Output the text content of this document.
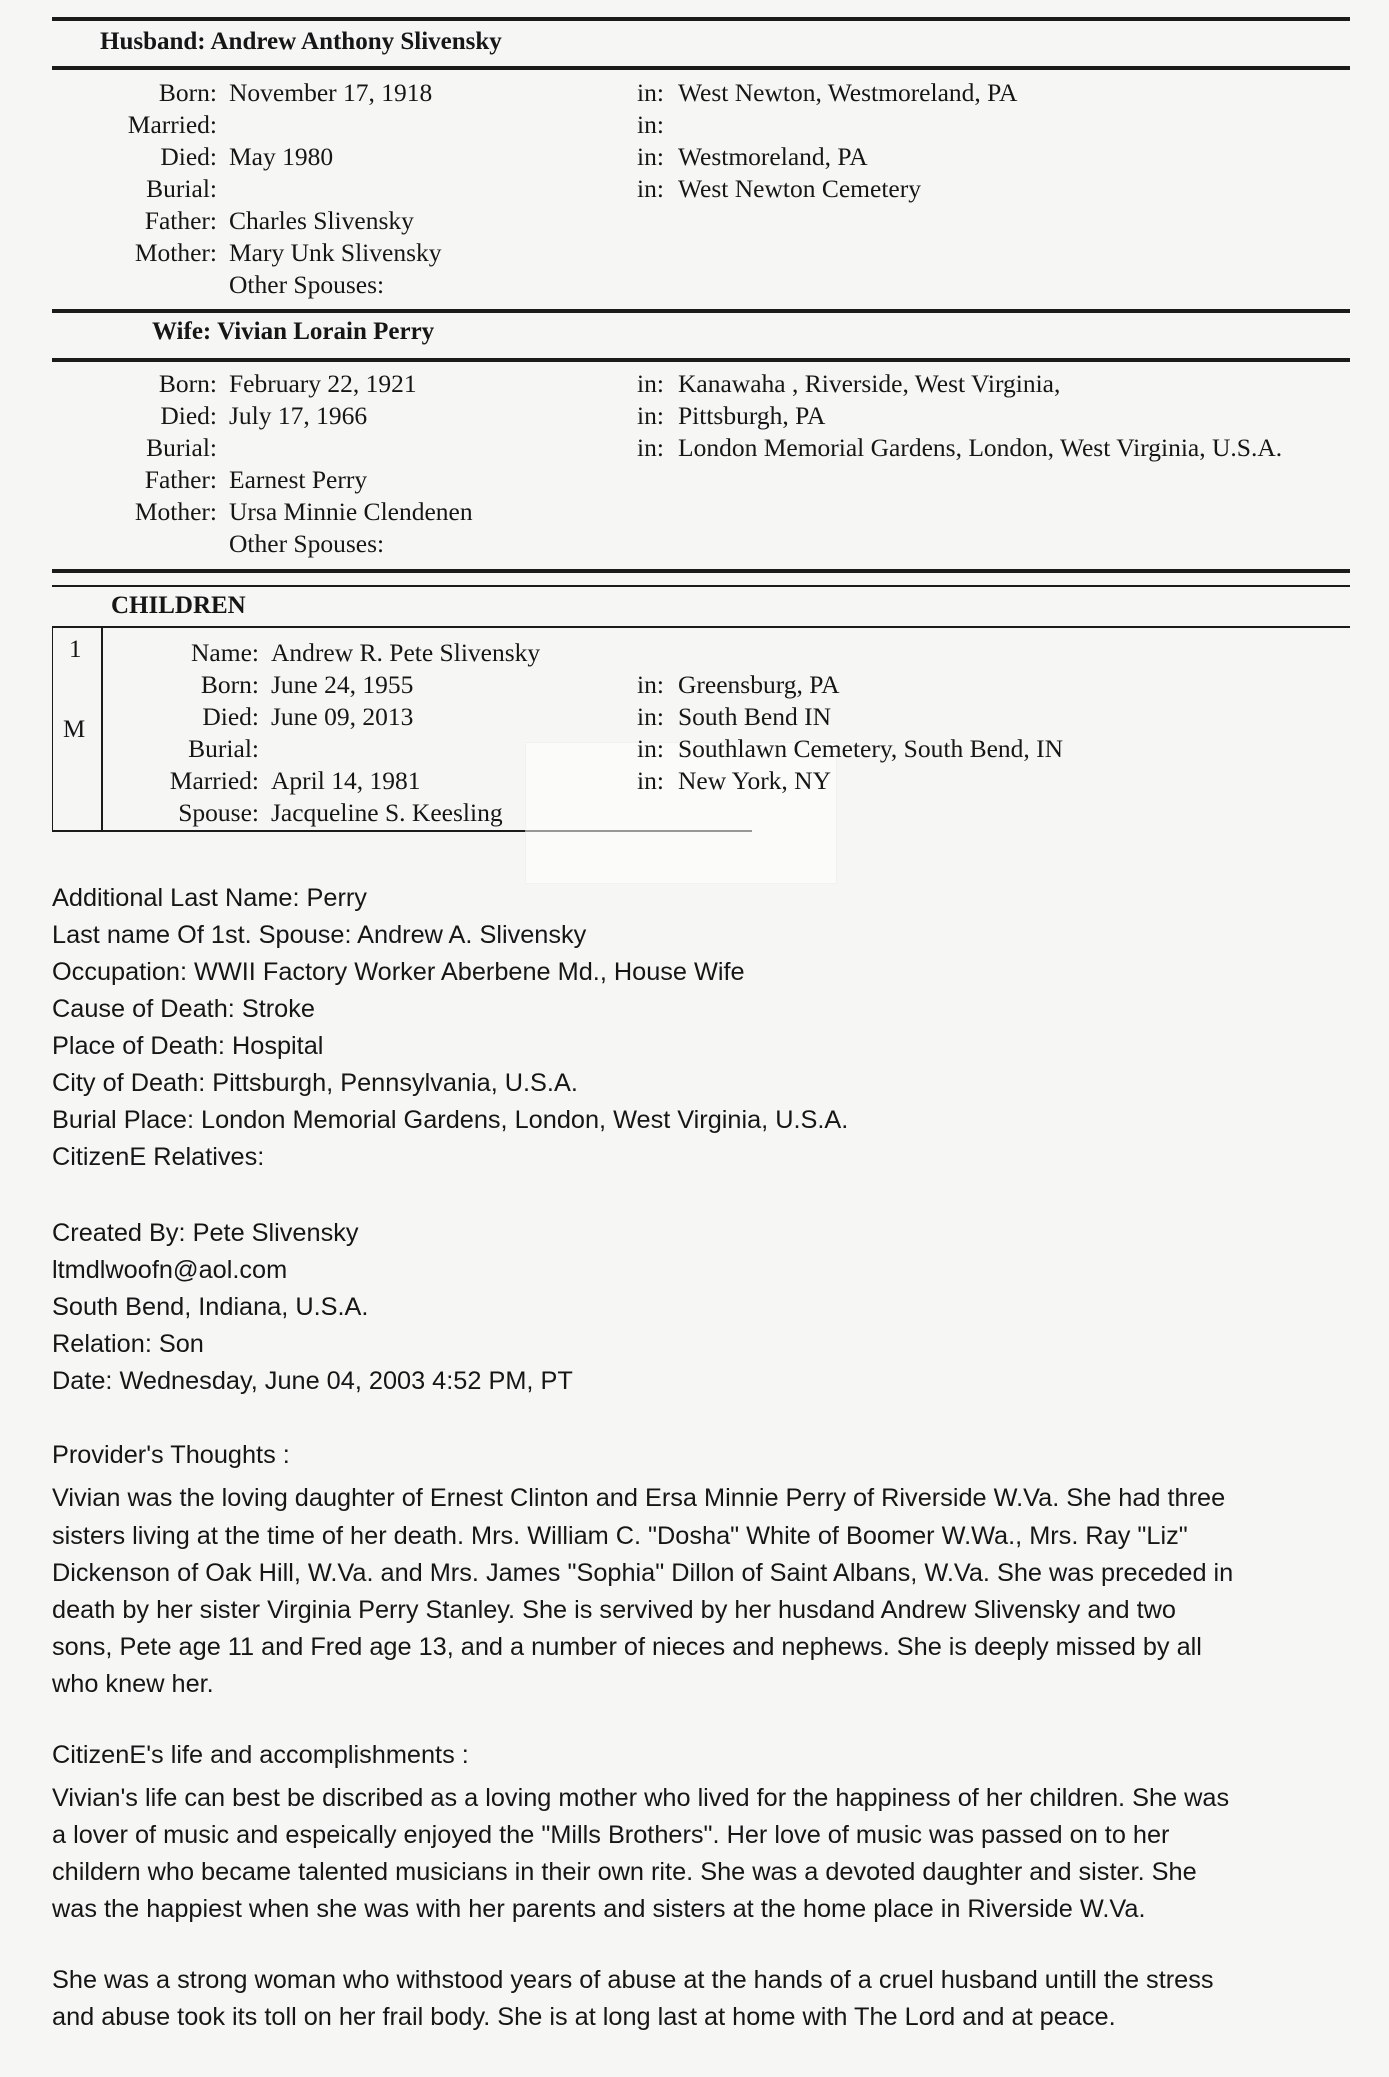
Husband: Andrew Anthony Slivensky
Born: November 17, 1918	in: West Newton, Westmoreland, PA
Married:	in:
Died: May 1980	in: Westmoreland, PA
Burial:	in: West Newton Cemetery
Father: Charles Slivensky
Mother: Mary Unk Slivensky
Other Spouses:
Wife: Vivian Lorain Perry
Born: February 22, 1921	in: Kanawaha , Riverside, West Virginia,
Died: July 17, 1966	in: Pittsburgh, PA
Burial:	in: London Memorial Gardens, London, West Virginia, U.S.A.
Father: Earnest Perry
Mother: Ursa Minnie Clendenen
Other Spouses:
CHILDREN
1
M
Name: Andrew R. Pete Slivensky
Born: June 24, 1955	in: Greensburg, PA
Died: June 09, 2013	in: South Bend IN
Burial:	in: Southlawn Cemetery, South Bend, IN
Married: April 14, 1981	in: New York, NY
Spouse: Jacqueline S. Keesling
Additional Last Name: Perry
Last name Of 1st. Spouse: Andrew A. Slivensky
Occupation: WWII Factory Worker Aberbene Md., House Wife
Cause of Death: Stroke
Place of Death: Hospital
City of Death: Pittsburgh, Pennsylvania, U.S.A.
Burial Place: London Memorial Gardens, London, West Virginia, U.S.A.
CitizenE Relatives:
Created By: Pete Slivensky
ltmdlwoofn@aol.com
South Bend, Indiana, U.S.A.
Relation: Son
Date: Wednesday, June 04, 2003 4:52 PM, PT
Provider's Thoughts :
Vivian was the loving daughter of Ernest Clinton and Ersa Minnie Perry of Riverside W.Va. She had three
sisters living at the time of her death. Mrs. William C. "Dosha" White of Boomer W.Wa., Mrs. Ray "Liz"
Dickenson of Oak Hill, W.Va. and Mrs. James "Sophia" Dillon of Saint Albans, W.Va. She was preceded in
death by her sister Virginia Perry Stanley. She is servived by her husdand Andrew Slivensky and two
sons, Pete age 11 and Fred age 13, and a number of nieces and nephews. She is deeply missed by all
who knew her.
CitizenE's life and accomplishments :
Vivian's life can best be discribed as a loving mother who lived for the happiness of her children. She was
a lover of music and espeically enjoyed the "Mills Brothers". Her love of music was passed on to her
childern who became talented musicians in their own rite. She was a devoted daughter and sister. She
was the happiest when she was with her parents and sisters at the home place in Riverside W.Va.
She was a strong woman who withstood years of abuse at the hands of a cruel husband untill the stress
and abuse took its toll on her frail body. She is at long last at home with The Lord and at peace.
